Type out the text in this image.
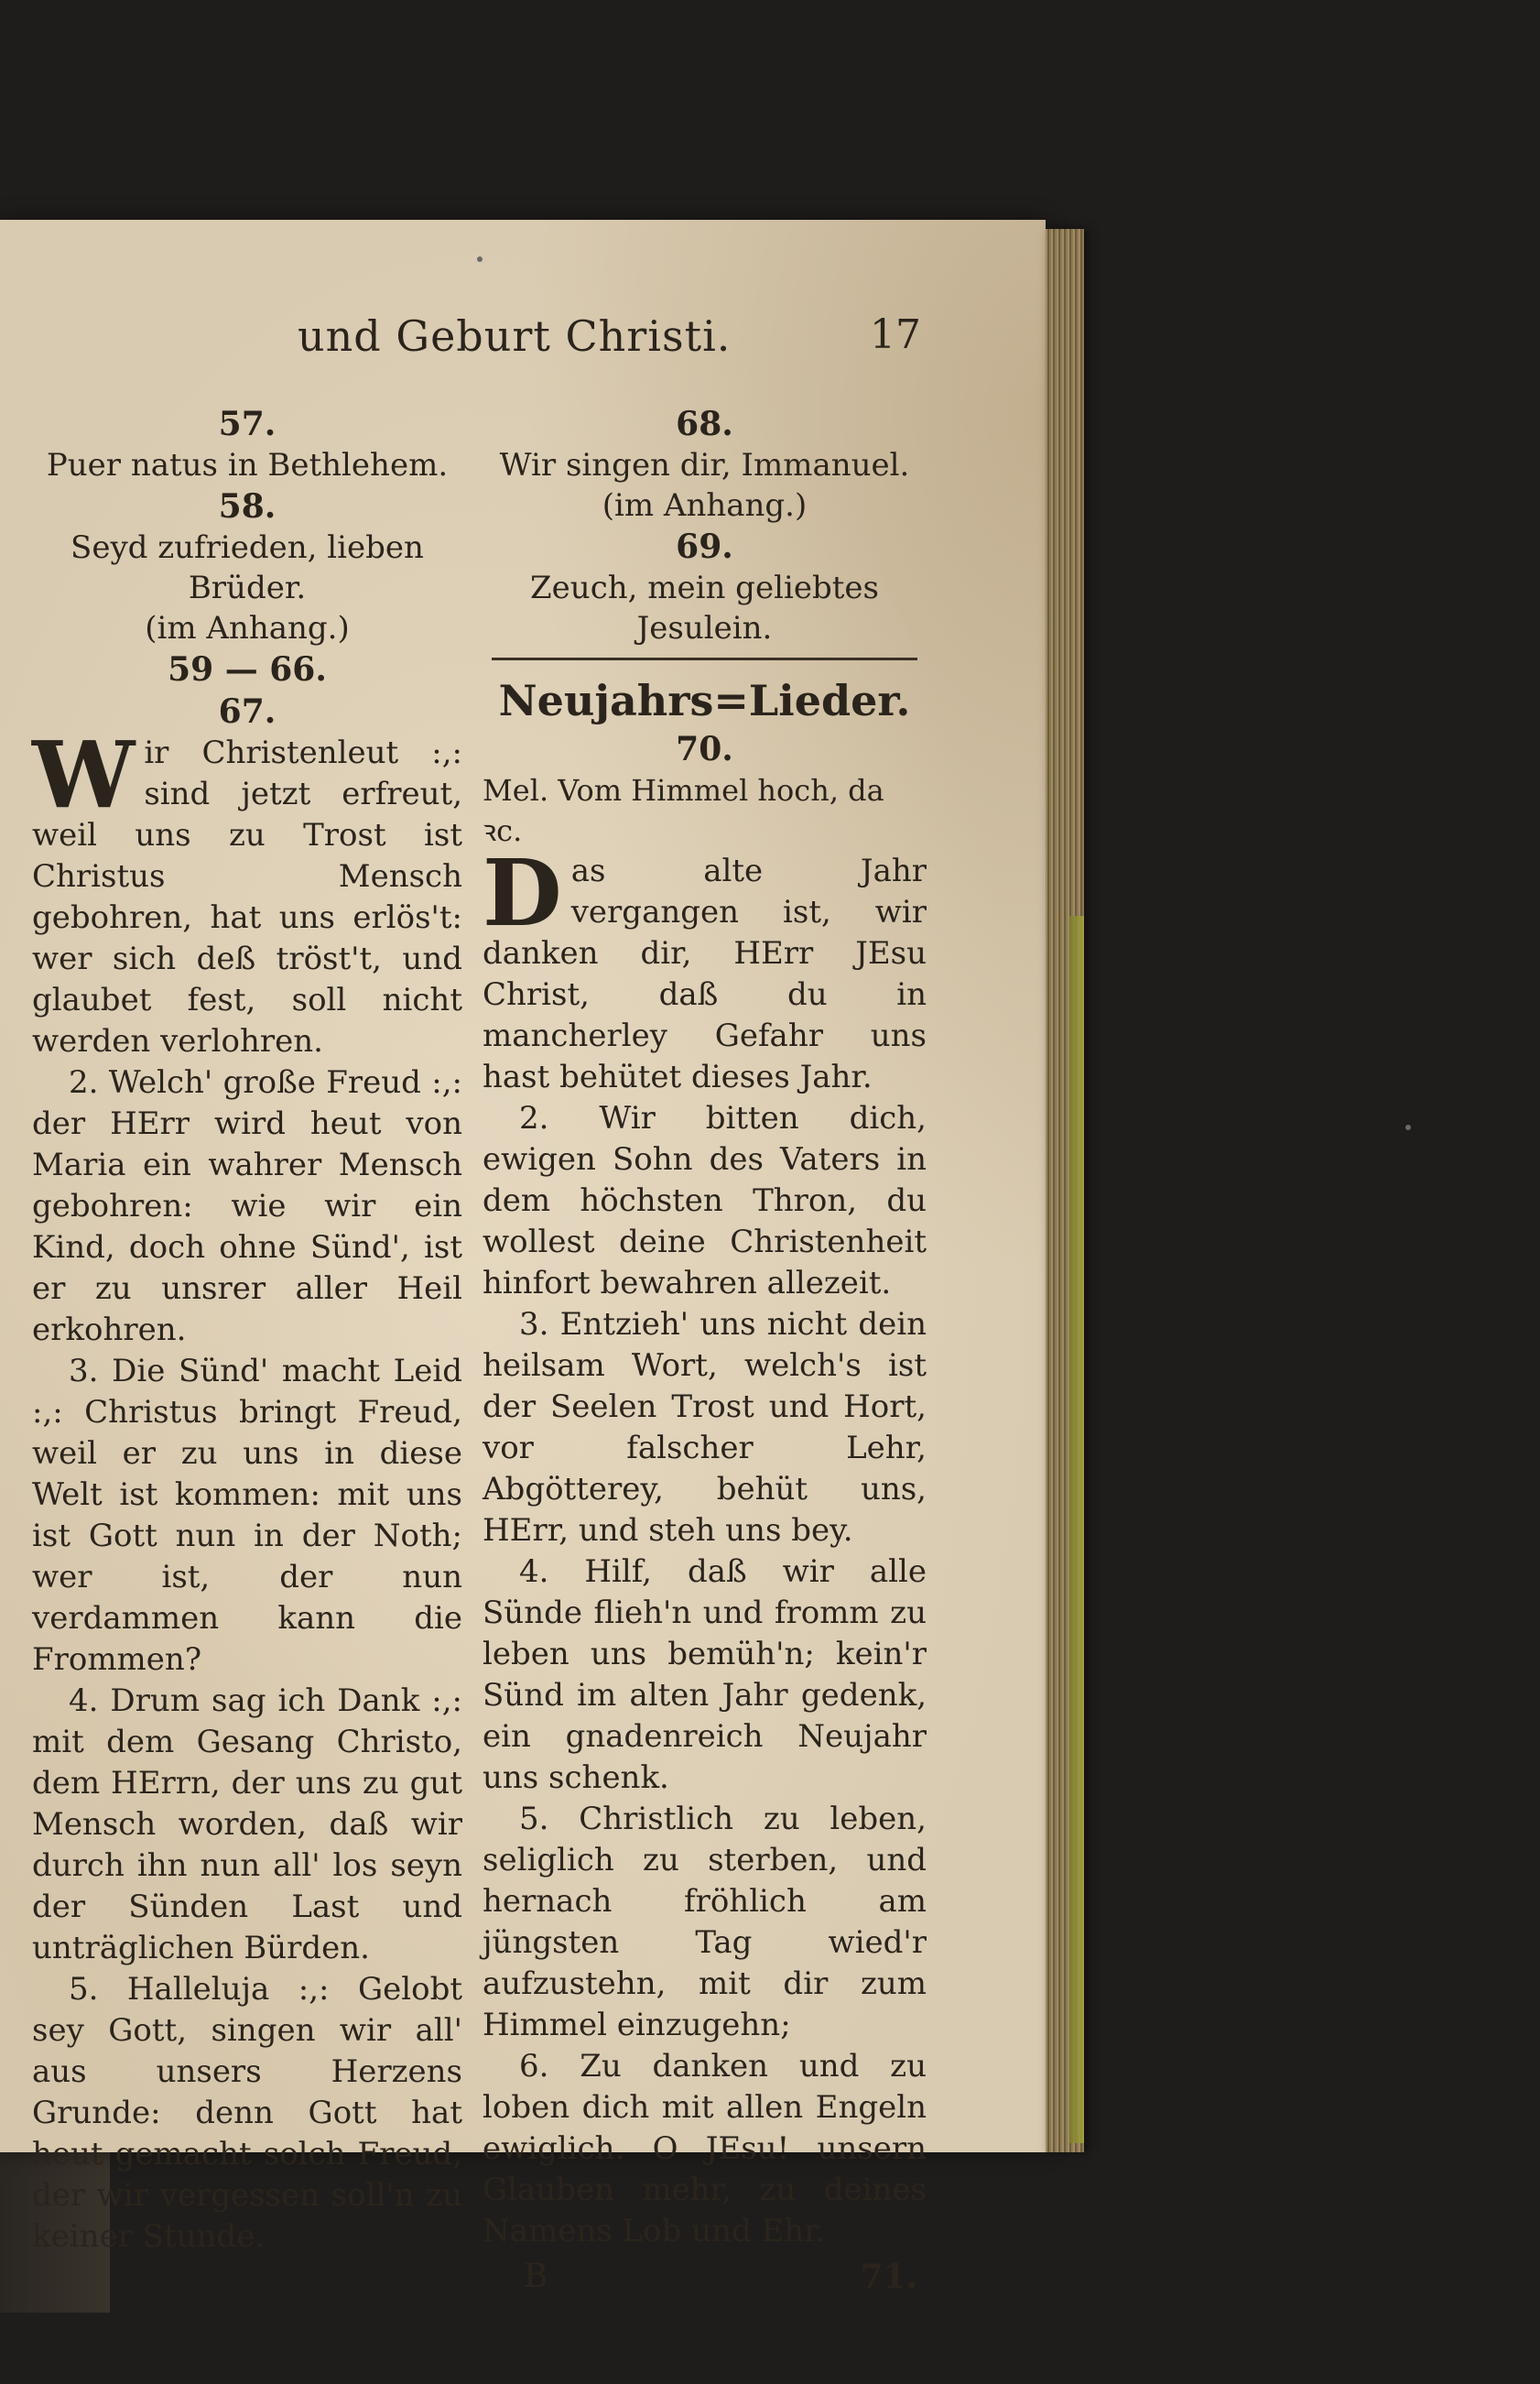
und Geburt Christi.	17
57.
Puer natus in Bethlehem.
58.
Seyd zufrieden, lieben Brüder.
(im Anhang.)
59 — 66.
67.

Wir Christenleut :,: sind jetzt erfreut, weil uns zu Trost ist Christus Mensch gebohren, hat uns erlös't: wer sich deß tröst't, und glaubet fest, soll nicht werden verlohren.

2. Welch' große Freud :,: der HErr wird heut von Maria ein wahrer Mensch gebohren: wie wir ein Kind, doch ohne Sünd', ist er zu unsrer aller Heil erkohren.

3. Die Sünd' macht Leid :,: Christus bringt Freud, weil er zu uns in diese Welt ist kommen: mit uns ist Gott nun in der Noth; wer ist, der nun verdammen kann die Frommen?

4. Drum sag ich Dank :,: mit dem Gesang Christo, dem HErrn, der uns zu gut Mensch worden, daß wir durch ihn nun all' los seyn der Sünden Last und unträglichen Bürden.

5. Halleluja :,: Gelobt sey Gott, singen wir all' aus unsers Herzens Grunde: denn Gott hat heut gemacht solch Freud, der wir vergessen soll'n zu keiner Stunde.

68.
Wir singen dir, Immanuel.
(im Anhang.)
69.
Zeuch, mein geliebtes Jesulein.
Neujahrs=Lieder.
70.
Mel. Vom Himmel hoch, da ꝛc.

Das alte Jahr vergangen ist, wir danken dir, HErr JEsu Christ, daß du in mancherley Gefahr uns hast behütet dieses Jahr.

2. Wir bitten dich, ewigen Sohn des Vaters in dem höchsten Thron, du wollest deine Christenheit hinfort bewahren allezeit.

3. Entzieh' uns nicht dein heilsam Wort, welch's ist der Seelen Trost und Hort, vor falscher Lehr, Abgötterey, behüt uns, HErr, und steh uns bey.

4. Hilf, daß wir alle Sünde flieh'n und fromm zu leben uns bemüh'n; kein'r Sünd im alten Jahr gedenk, ein gnadenreich Neujahr uns schenk.

5. Christlich zu leben, seliglich zu sterben, und hernach fröhlich am jüngsten Tag wied'r aufzustehn, mit dir zum Himmel einzugehn;

6. Zu danken und zu loben dich mit allen Engeln ewiglich. O JEsu! unsern Glauben mehr, zu deines Namens Lob und Ehr.

B	71.
